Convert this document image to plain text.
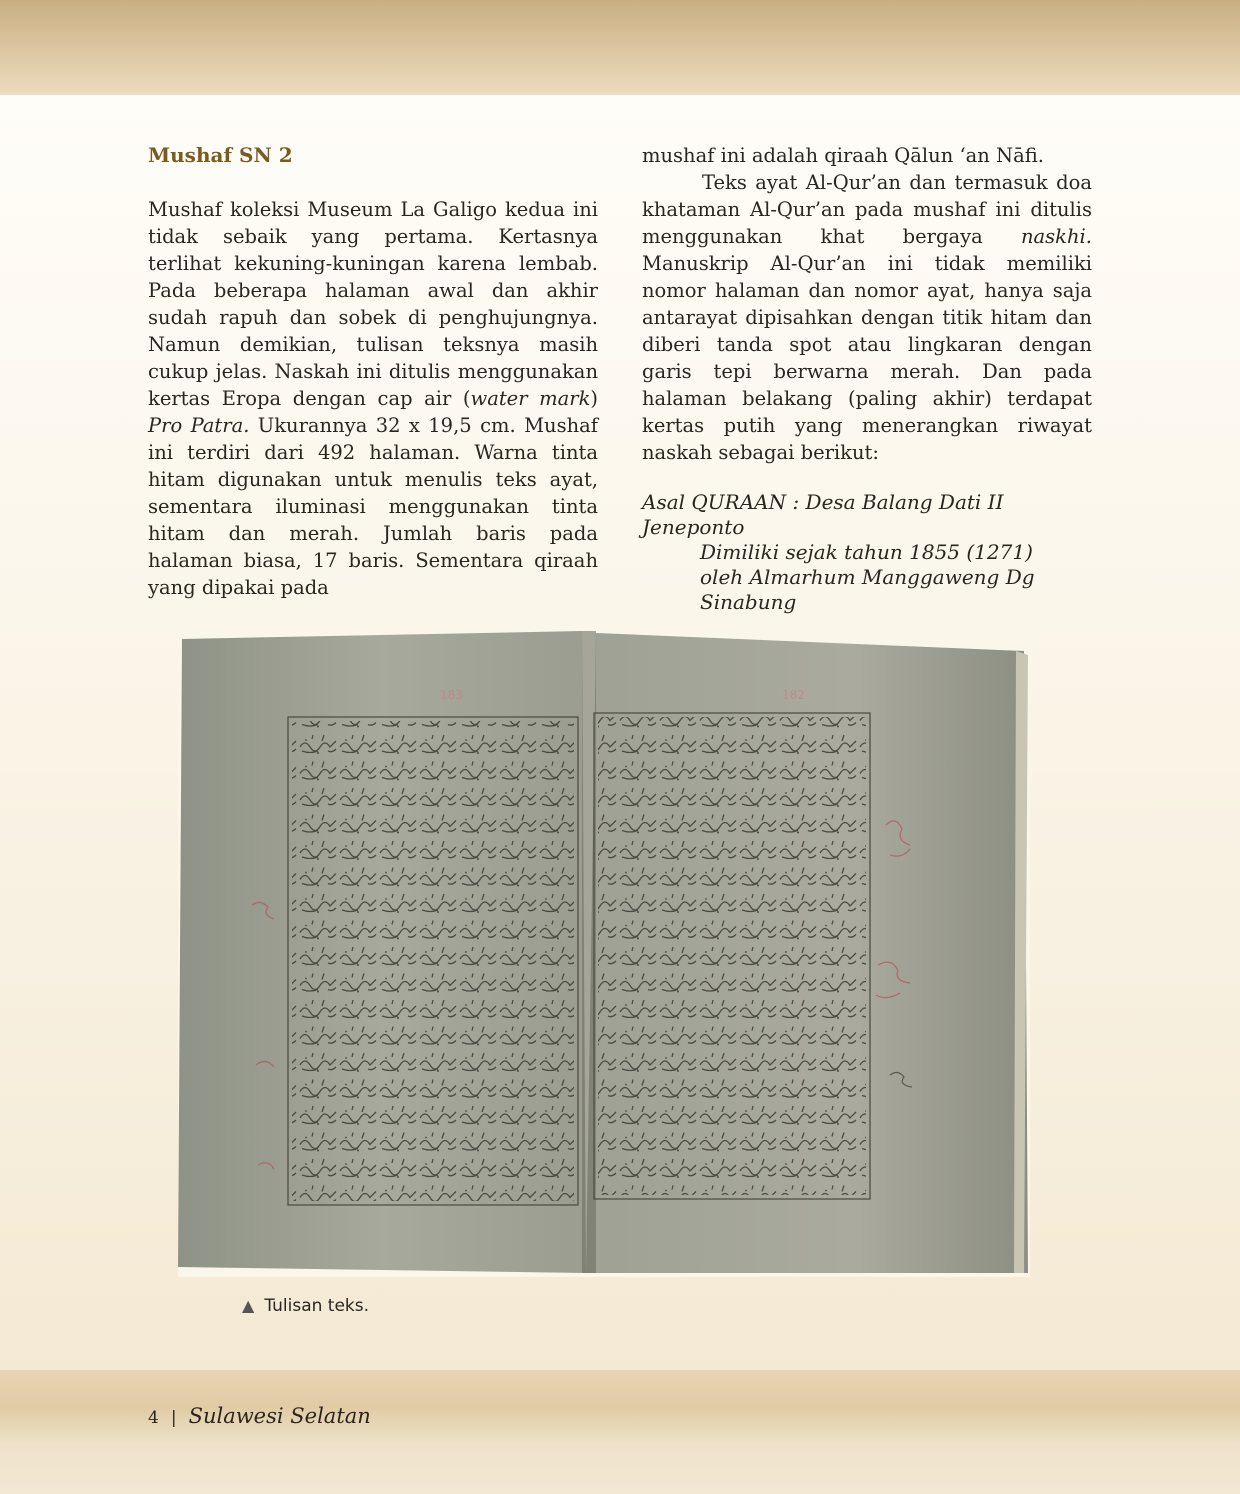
Mushaf SN 2

Mushaf koleksi Museum La Galigo kedua ini tidak sebaik yang pertama. Kertasnya terlihat kekuning-kuningan karena lembab. Pada beberapa halaman awal dan akhir sudah rapuh dan sobek di penghujungnya. Namun demikian, tulisan teksnya masih cukup jelas. Naskah ini ditulis menggunakan kertas Eropa dengan cap air (water mark) Pro Patra. Ukurannya 32 x 19,5 cm. Mushaf ini terdiri dari 492 halaman. Warna tinta hitam digunakan untuk menulis teks ayat, sementara iluminasi menggunakan tinta hitam dan merah. Jumlah baris pada halaman biasa, 17 baris. Sementara qiraah yang dipakai pada

mushaf ini adalah qiraah Qālun ‘an Nāfi.

Teks ayat Al-Qur’an dan termasuk doa khataman Al-Qur’an pada mushaf ini ditulis menggunakan khat bergaya naskhi. Manuskrip Al-Qur’an ini tidak memiliki nomor halaman dan nomor ayat, hanya saja antarayat dipisahkan dengan titik hitam dan diberi tanda spot atau lingkaran dengan garis tepi berwarna merah. Dan pada halaman belakang (paling akhir) terdapat kertas putih yang menerangkan riwayat naskah sebagai berikut:

Asal QURAAN : Desa Balang Dati II Jeneponto
Dimiliki sejak tahun 1855 (1271)
oleh Almarhum Manggaweng Dg
Sinabung
183	182
▲ Tulisan teks.
4 | Sulawesi Selatan
